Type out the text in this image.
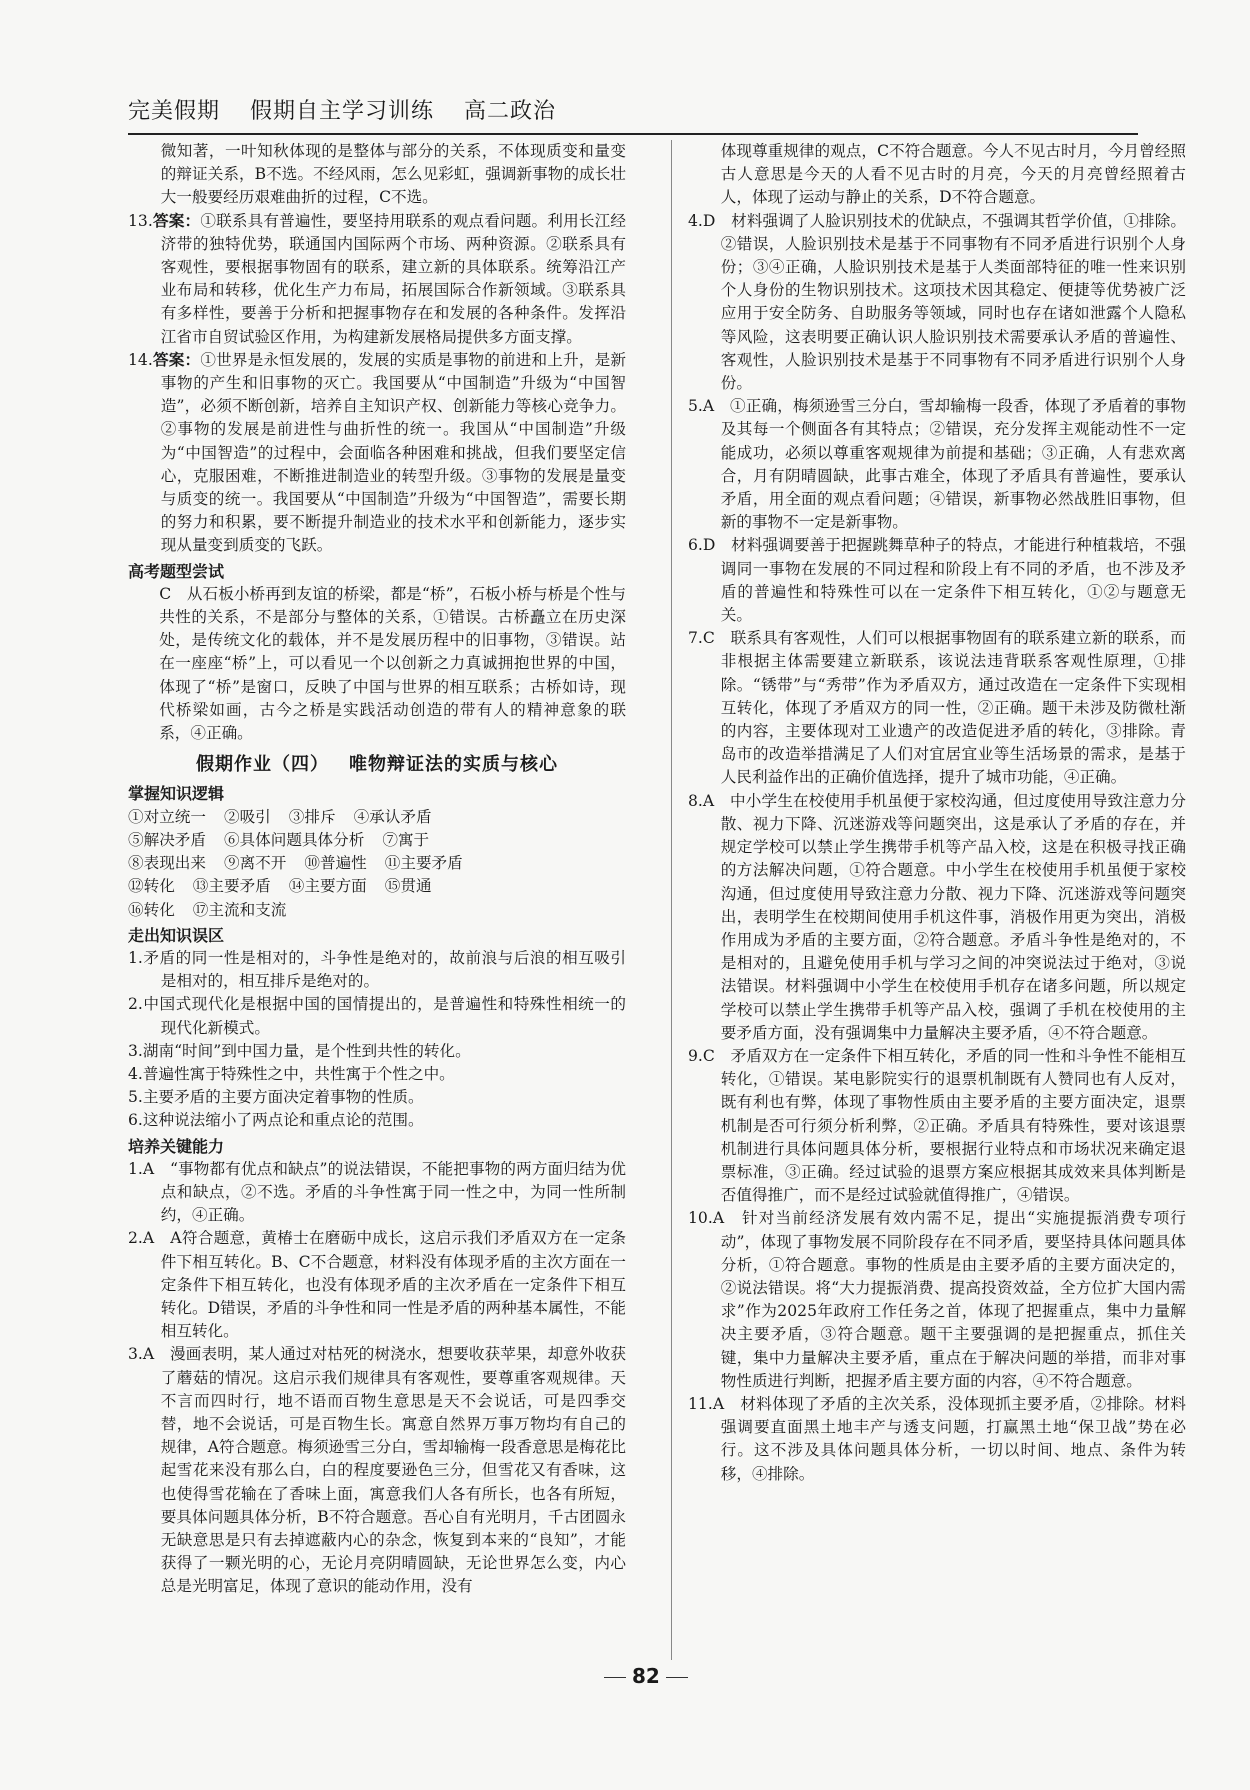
完美假期 假期自主学习训练 高二政治

微知著，一叶知秋体现的是整体与部分的关系，不体现质变和量变的辩证关系，B不选。不经风雨，怎么见彩虹，强调新事物的成长壮大一般要经历艰难曲折的过程，C不选。

13.答案：①联系具有普遍性，要坚持用联系的观点看问题。利用长江经济带的独特优势，联通国内国际两个市场、两种资源。②联系具有客观性，要根据事物固有的联系，建立新的具体联系。统筹沿江产业布局和转移，优化生产力布局，拓展国际合作新领域。③联系具有多样性，要善于分析和把握事物存在和发展的各种条件。发挥沿江省市自贸试验区作用，为构建新发展格局提供多方面支撑。

14.答案：①世界是永恒发展的，发展的实质是事物的前进和上升，是新事物的产生和旧事物的灭亡。我国要从“中国制造”升级为“中国智造”，必须不断创新，培养自主知识产权、创新能力等核心竞争力。②事物的发展是前进性与曲折性的统一。我国从“中国制造”升级为“中国智造”的过程中，会面临各种困难和挑战，但我们要坚定信心，克服困难，不断推进制造业的转型升级。③事物的发展是量变与质变的统一。我国要从“中国制造”升级为“中国智造”，需要长期的努力和积累，要不断提升制造业的技术水平和创新能力，逐步实现从量变到质变的飞跃。

高考题型尝试

C　从石板小桥再到友谊的桥梁，都是“桥”，石板小桥与桥是个性与共性的关系，不是部分与整体的关系，①错误。古桥矗立在历史深处，是传统文化的载体，并不是发展历程中的旧事物，③错误。站在一座座“桥”上，可以看见一个以创新之力真诚拥抱世界的中国，体现了“桥”是窗口，反映了中国与世界的相互联系；古桥如诗，现代桥梁如画，古今之桥是实践活动创造的带有人的精神意象的联系，④正确。

假期作业（四） 唯物辩证法的实质与核心

掌握知识逻辑

①对立统一 ②吸引 ③排斥 ④承认矛盾
⑤解决矛盾 ⑥具体问题具体分析 ⑦寓于
⑧表现出来 ⑨离不开 ⑩普遍性 ⑪主要矛盾
⑫转化 ⑬主要矛盾 ⑭主要方面 ⑮贯通
⑯转化 ⑰主流和支流

走出知识误区

1.矛盾的同一性是相对的，斗争性是绝对的，故前浪与后浪的相互吸引是相对的，相互排斥是绝对的。

2.中国式现代化是根据中国的国情提出的，是普遍性和特殊性相统一的现代化新模式。

3.湖南“时间”到中国力量，是个性到共性的转化。

4.普遍性寓于特殊性之中，共性寓于个性之中。

5.主要矛盾的主要方面决定着事物的性质。

6.这种说法缩小了两点论和重点论的范围。

培养关键能力

1.A　“事物都有优点和缺点”的说法错误，不能把事物的两方面归结为优点和缺点，②不选。矛盾的斗争性寓于同一性之中，为同一性所制约，④正确。

2.A　A符合题意，黄椿士在磨砺中成长，这启示我们矛盾双方在一定条件下相互转化。B、C不合题意，材料没有体现矛盾的主次方面在一定条件下相互转化，也没有体现矛盾的主次矛盾在一定条件下相互转化。D错误，矛盾的斗争性和同一性是矛盾的两种基本属性，不能相互转化。

3.A　漫画表明，某人通过对枯死的树浇水，想要收获苹果，却意外收获了蘑菇的情况。这启示我们规律具有客观性，要尊重客观规律。天不言而四时行，地不语而百物生意思是天不会说话，可是四季交替，地不会说话，可是百物生长。寓意自然界万事万物均有自己的规律，A符合题意。梅须逊雪三分白，雪却输梅一段香意思是梅花比起雪花来没有那么白，白的程度要逊色三分，但雪花又有香味，这也使得雪花输在了香味上面，寓意我们人各有所长，也各有所短，要具体问题具体分析，B不符合题意。吾心自有光明月，千古团圆永无缺意思是只有去掉遮蔽内心的杂念，恢复到本来的“良知”，才能获得了一颗光明的心，无论月亮阴晴圆缺，无论世界怎么变，内心总是光明富足，体现了意识的能动作用，没有

体现尊重规律的观点，C不符合题意。今人不见古时月，今月曾经照古人意思是今天的人看不见古时的月亮，今天的月亮曾经照着古人，体现了运动与静止的关系，D不符合题意。

4.D　材料强调了人脸识别技术的优缺点，不强调其哲学价值，①排除。②错误，人脸识别技术是基于不同事物有不同矛盾进行识别个人身份；③④正确，人脸识别技术是基于人类面部特征的唯一性来识别个人身份的生物识别技术。这项技术因其稳定、便捷等优势被广泛应用于安全防务、自助服务等领域，同时也存在诸如泄露个人隐私等风险，这表明要正确认识人脸识别技术需要承认矛盾的普遍性、客观性，人脸识别技术是基于不同事物有不同矛盾进行识别个人身份。

5.A　①正确，梅须逊雪三分白，雪却输梅一段香，体现了矛盾着的事物及其每一个侧面各有其特点；②错误，充分发挥主观能动性不一定能成功，必须以尊重客观规律为前提和基础；③正确，人有悲欢离合，月有阴晴圆缺，此事古难全，体现了矛盾具有普遍性，要承认矛盾，用全面的观点看问题；④错误，新事物必然战胜旧事物，但新的事物不一定是新事物。

6.D　材料强调要善于把握跳舞草种子的特点，才能进行种植栽培，不强调同一事物在发展的不同过程和阶段上有不同的矛盾，也不涉及矛盾的普遍性和特殊性可以在一定条件下相互转化，①②与题意无关。

7.C　联系具有客观性，人们可以根据事物固有的联系建立新的联系，而非根据主体需要建立新联系，该说法违背联系客观性原理，①排除。“锈带”与“秀带”作为矛盾双方，通过改造在一定条件下实现相互转化，体现了矛盾双方的同一性，②正确。题干未涉及防微杜渐的内容，主要体现对工业遗产的改造促进矛盾的转化，③排除。青岛市的改造举措满足了人们对宜居宜业等生活场景的需求，是基于人民利益作出的正确价值选择，提升了城市功能，④正确。

8.A　中小学生在校使用手机虽便于家校沟通，但过度使用导致注意力分散、视力下降、沉迷游戏等问题突出，这是承认了矛盾的存在，并规定学校可以禁止学生携带手机等产品入校，这是在积极寻找正确的方法解决问题，①符合题意。中小学生在校使用手机虽便于家校沟通，但过度使用导致注意力分散、视力下降、沉迷游戏等问题突出，表明学生在校期间使用手机这件事，消极作用更为突出，消极作用成为矛盾的主要方面，②符合题意。矛盾斗争性是绝对的，不是相对的，且避免使用手机与学习之间的冲突说法过于绝对，③说法错误。材料强调中小学生在校使用手机存在诸多问题，所以规定学校可以禁止学生携带手机等产品入校，强调了手机在校使用的主要矛盾方面，没有强调集中力量解决主要矛盾，④不符合题意。

9.C　矛盾双方在一定条件下相互转化，矛盾的同一性和斗争性不能相互转化，①错误。某电影院实行的退票机制既有人赞同也有人反对，既有利也有弊，体现了事物性质由主要矛盾的主要方面决定，退票机制是否可行须分析利弊，②正确。矛盾具有特殊性，要对该退票机制进行具体问题具体分析，要根据行业特点和市场状况来确定退票标准，③正确。经过试验的退票方案应根据其成效来具体判断是否值得推广，而不是经过试验就值得推广，④错误。

10.A　针对当前经济发展有效内需不足，提出“实施提振消费专项行动”，体现了事物发展不同阶段存在不同矛盾，要坚持具体问题具体分析，①符合题意。事物的性质是由主要矛盾的主要方面决定的，②说法错误。将“大力提振消费、提高投资效益，全方位扩大国内需求”作为2025年政府工作任务之首，体现了把握重点，集中力量解决主要矛盾，③符合题意。题干主要强调的是把握重点，抓住关键，集中力量解决主要矛盾，重点在于解决问题的举措，而非对事物性质进行判断，把握矛盾主要方面的内容，④不符合题意。

11.A　材料体现了矛盾的主次关系，没体现抓主要矛盾，②排除。材料强调要直面黑土地丰产与透支问题，打赢黑土地“保卫战”势在必行。这不涉及具体问题具体分析，一切以时间、地点、条件为转移，④排除。

82
